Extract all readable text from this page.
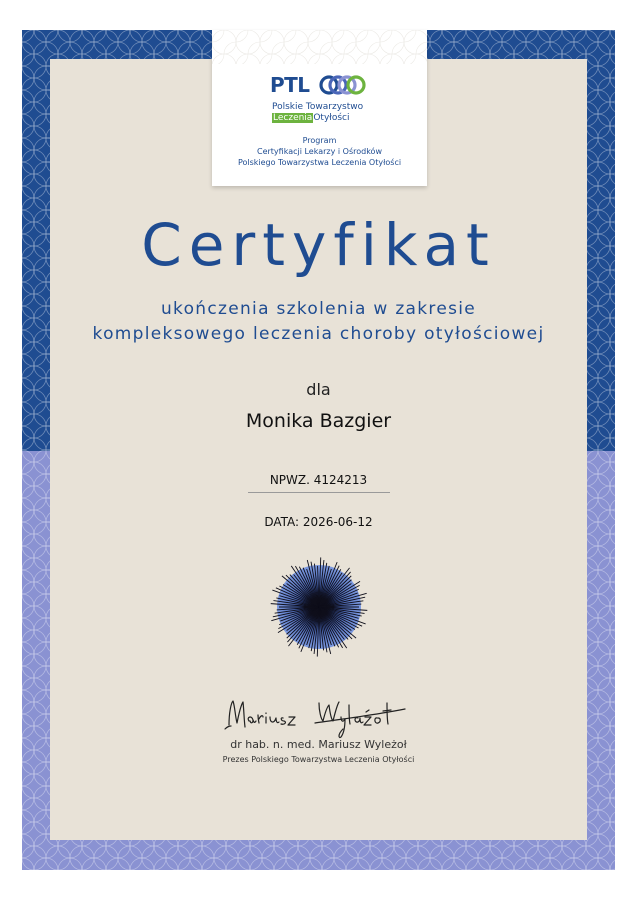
PTL
Polskie Towarzystwo
LeczeniaOtyłości
Program
Certyfikacji Lekarzy i Ośrodków
Polskiego Towarzystwa Leczenia Otyłości
Certyfikat
ukończenia szkolenia w zakresie
kompleksowego leczenia choroby otyłościowej
dla
Monika Bazgier
NPWZ. 4124213
DATA: 2026-06-12
dr hab. n. med. Mariusz Wyleżoł
Prezes Polskiego Towarzystwa Leczenia Otyłości
